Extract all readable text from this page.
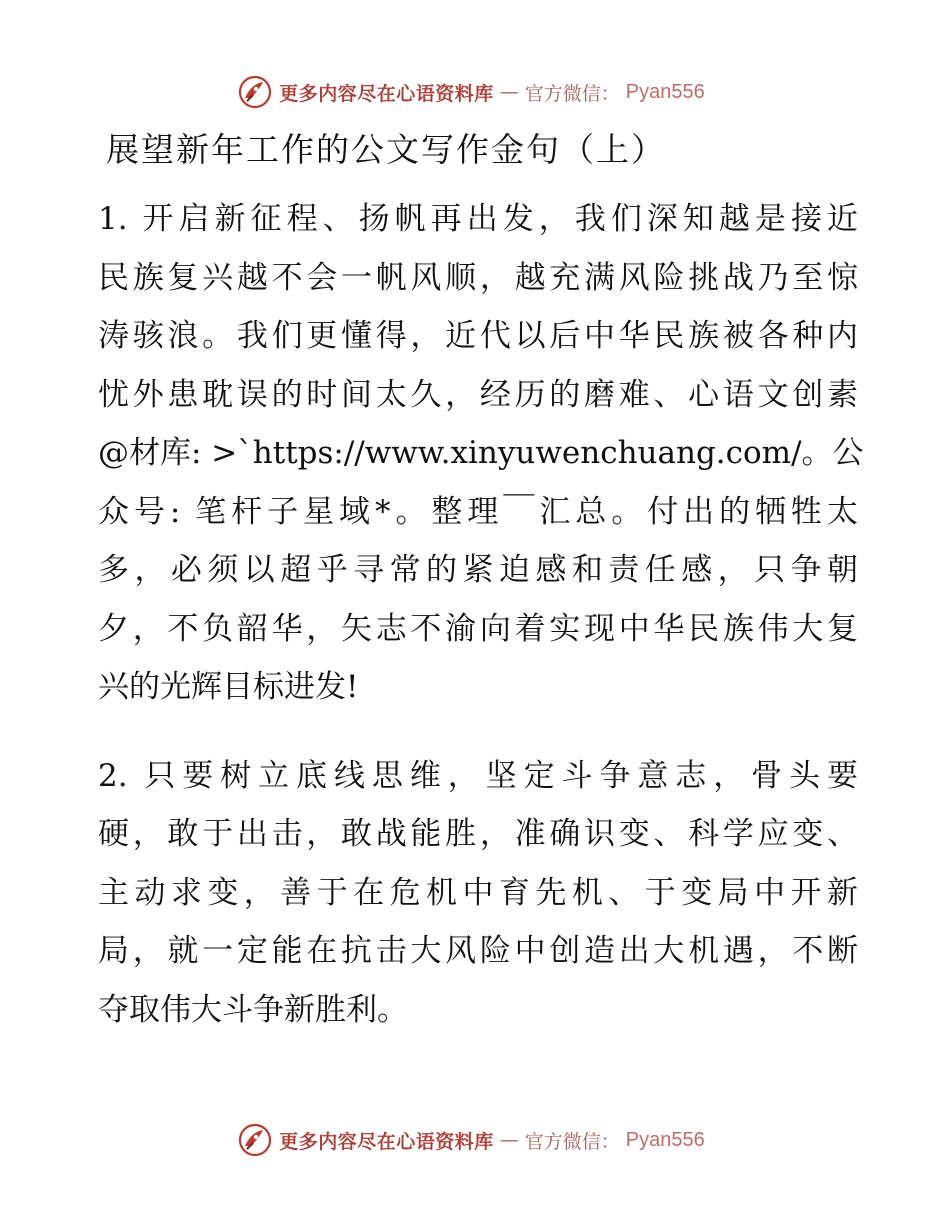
更多内容尽在心语资料库 — 官方微信： Pyan556
展望新年工作的公文写作金句（上）
1. 开启新征程、扬帆再出发，我们深知越是接近
民族复兴越不会一帆风顺，越充满风险挑战乃至惊
涛骇浪。我们更懂得，近代以后中华民族被各种内
忧外患耽误的时间太久，经历的磨难、心语文创素
@材库: >`https://www.xinyuwenchuang.com/。公
众号: 笔杆子星域*。整理￣汇总。付出的牺牲太
多，必须以超乎寻常的紧迫感和责任感，只争朝
夕，不负韶华，矢志不渝向着实现中华民族伟大复
兴的光辉目标进发!
2. 只要树立底线思维，坚定斗争意志，骨头要
硬，敢于出击，敢战能胜，准确识变、科学应变、
主动求变，善于在危机中育先机、于变局中开新
局，就一定能在抗击大风险中创造出大机遇，不断
夺取伟大斗争新胜利。
更多内容尽在心语资料库 — 官方微信： Pyan556
